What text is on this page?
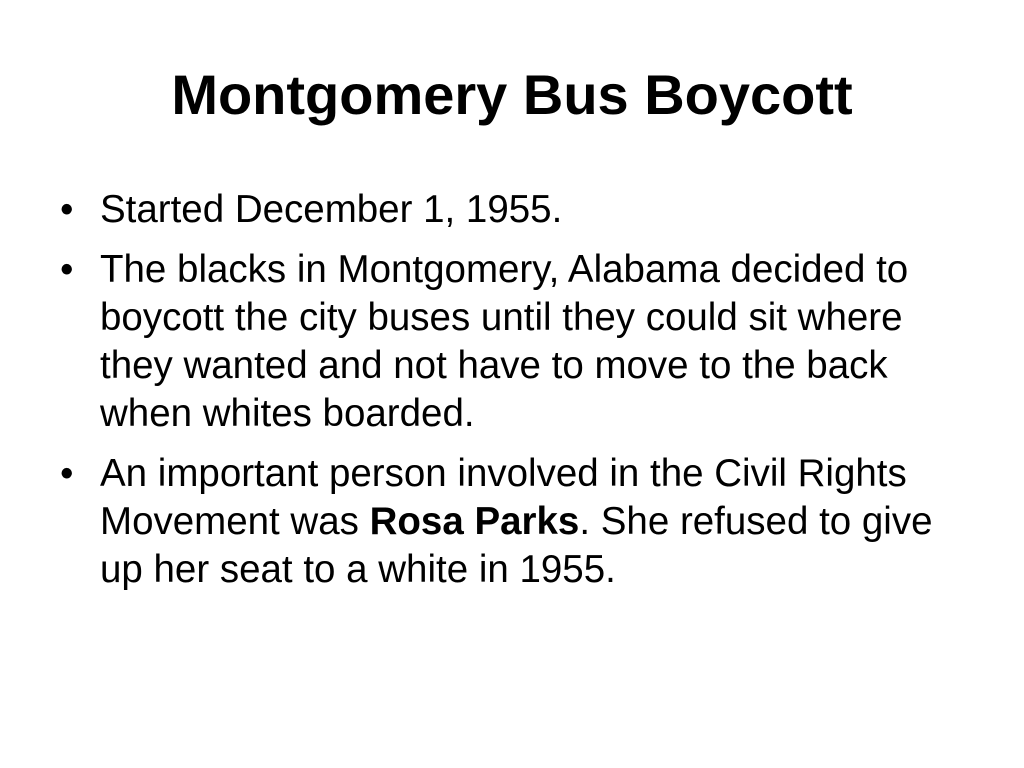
Montgomery Bus Boycott
• Started December 1, 1955.
• The blacks in Montgomery, Alabama decided to boycott the city buses until they could sit where they wanted and not have to move to the back when whites boarded.
• An important person involved in the Civil Rights Movement was Rosa Parks. She refused to give up her seat to a white in 1955.
